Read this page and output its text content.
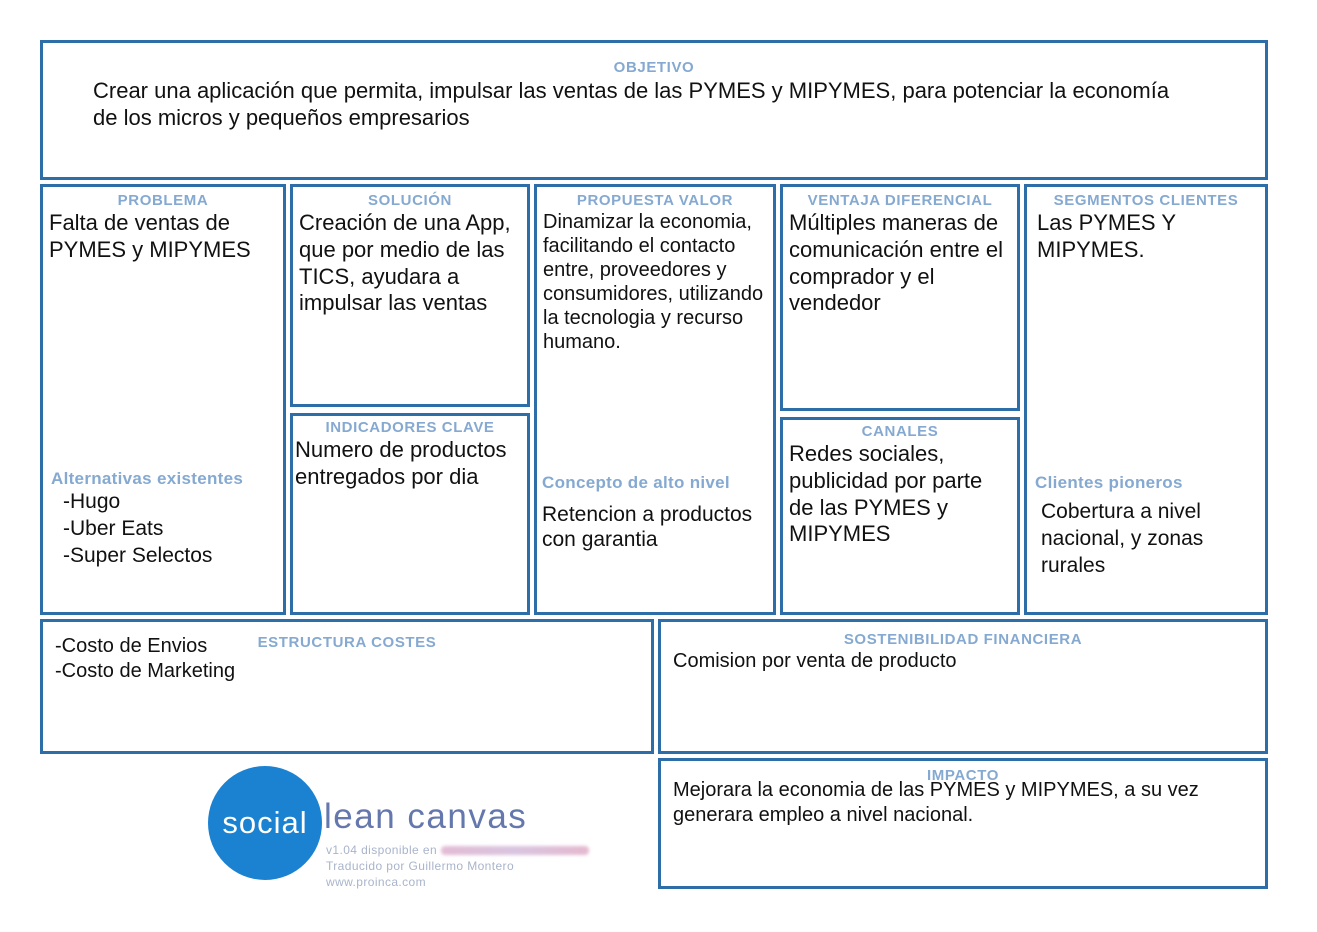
OBJETIVO
Crear una aplicación que permita, impulsar las ventas de las PYMES y MIPYMES, para potenciar la economía de los micros y pequeños empresarios
PROBLEMA
Falta de ventas de PYMES y MIPYMES
Alternativas existentes
-Hugo
-Uber Eats
-Super Selectos
SOLUCIÓN
Creación de una App, que por medio de las TICS, ayudara a impulsar las ventas
INDICADORES CLAVE
Numero de productos entregados por dia
PROPUESTA VALOR
Dinamizar la economia, facilitando el contacto entre, proveedores y consumidores, utilizando la tecnologia y recurso humano.
Concepto de alto nivel
Retencion a productos con garantia
VENTAJA DIFERENCIAL
Múltiples maneras de comunicación entre el comprador y el vendedor
CANALES
Redes sociales, publicidad por parte de las PYMES y MIPYMES
SEGMENTOS CLIENTES
Las PYMES Y MIPYMES.
Clientes pioneros
Cobertura a nivel nacional, y zonas rurales
ESTRUCTURA COSTES
-Costo de Envios
-Costo de Marketing
SOSTENIBILIDAD FINANCIERA
Comision por venta de producto
IMPACTO
Mejorara la economia de las PYMES y MIPYMES, a su vez generara empleo a nivel nacional.
social lean canvas
v1.04 disponible en
Traducido por Guillermo Montero
www.proinca.com
